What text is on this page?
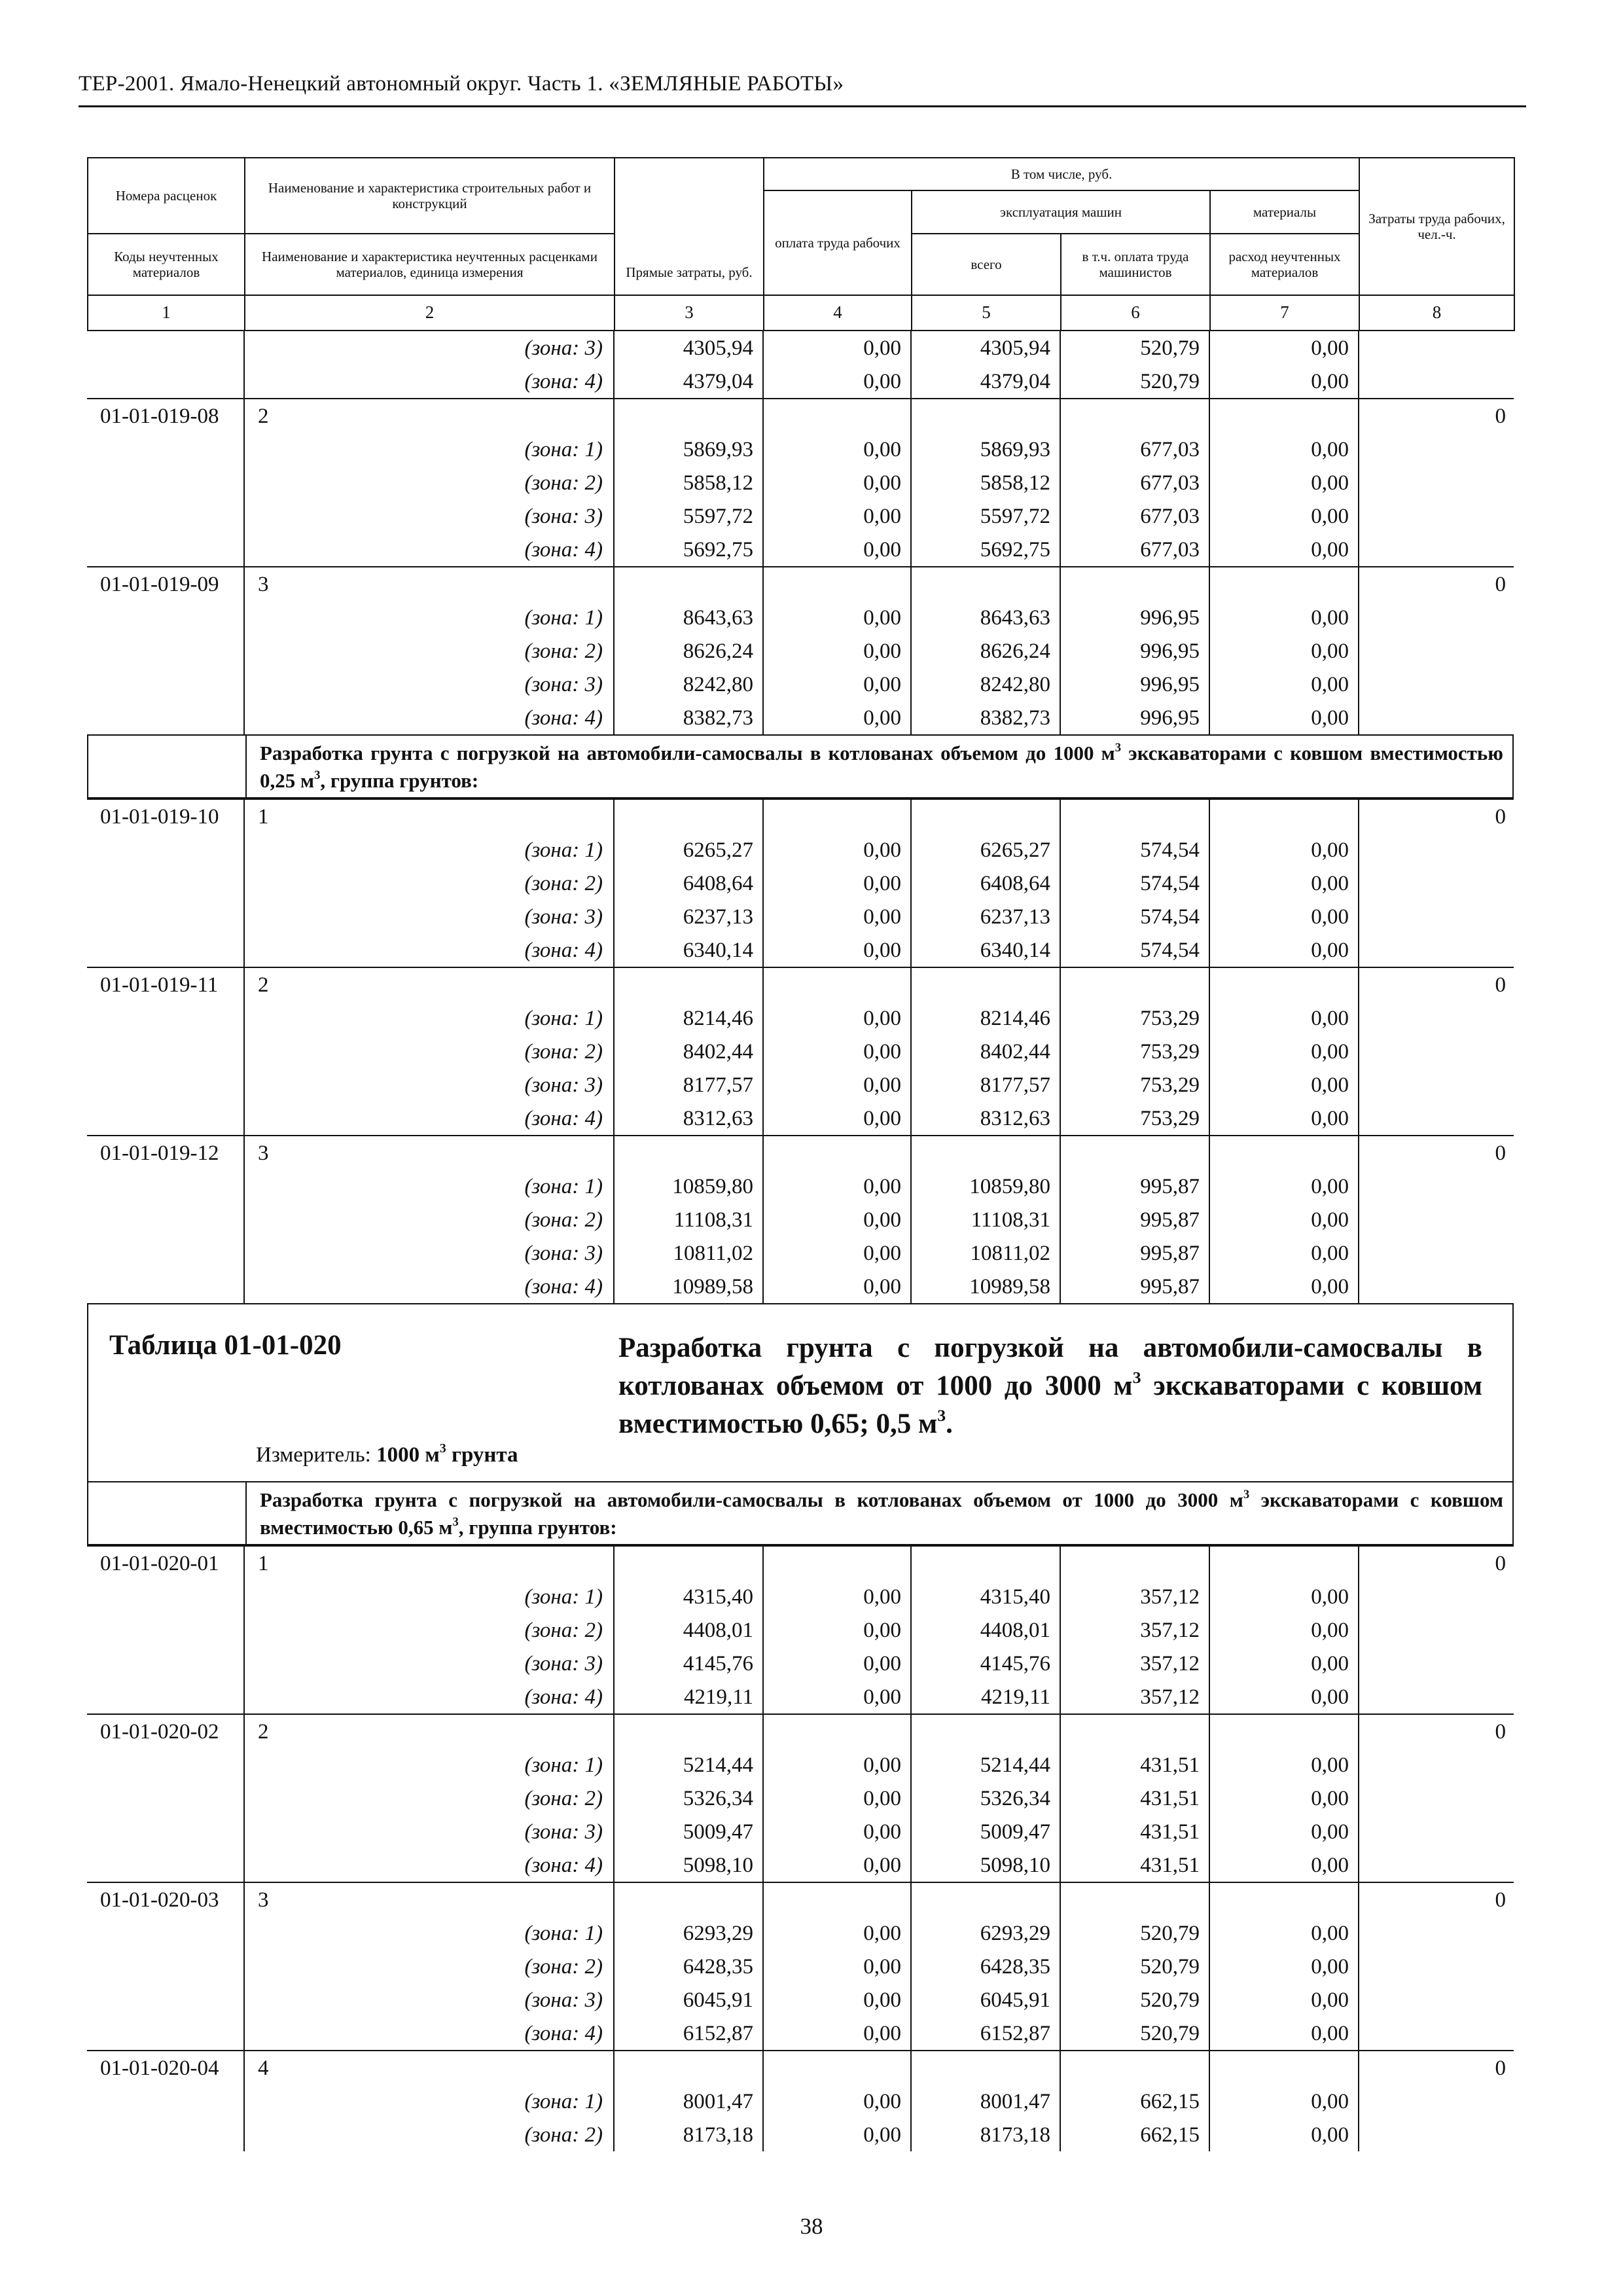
ТЕР-2001. Ямало-Ненецкий автономный округ. Часть 1. «ЗЕМЛЯНЫЕ РАБОТЫ»
Номера расценок	Наименование и характеристика строительных работ и конструкций	Прямые затраты, руб.	В том числе, руб.				Затраты труда рабочих, чел.-ч.
			оплата труда рабочих	эксплуатация машин		материалы	
Коды неучтенных материалов	Наименование и характеристика неучтенных расценками материалов, единица измерения			всего	в т.ч. оплата труда машинистов	расход неучтенных материалов	
1	2	3	4	5	6	7	8
	(зона: 3)	4305,94	0,00	4305,94	520,79	0,00	
	(зона: 4)	4379,04	0,00	4379,04	520,79	0,00	
01-01-019-08	2						0
	(зона: 1)	5869,93	0,00	5869,93	677,03	0,00	
	(зона: 2)	5858,12	0,00	5858,12	677,03	0,00	
	(зона: 3)	5597,72	0,00	5597,72	677,03	0,00	
	(зона: 4)	5692,75	0,00	5692,75	677,03	0,00	
01-01-019-09	3						0
	(зона: 1)	8643,63	0,00	8643,63	996,95	0,00	
	(зона: 2)	8626,24	0,00	8626,24	996,95	0,00	
	(зона: 3)	8242,80	0,00	8242,80	996,95	0,00	
	(зона: 4)	8382,73	0,00	8382,73	996,95	0,00	
	Разработка грунта с погрузкой на автомобили-самосвалы в котлованах объемом до 1000 $м^3$ экскаваторами с ковшом вместимостью 0,25 $м^3$, группа грунтов:
01-01-019-10	1						0
	(зона: 1)	6265,27	0,00	6265,27	574,54	0,00	
	(зона: 2)	6408,64	0,00	6408,64	574,54	0,00	
	(зона: 3)	6237,13	0,00	6237,13	574,54	0,00	
	(зона: 4)	6340,14	0,00	6340,14	574,54	0,00	
01-01-019-11	2						0
	(зона: 1)	8214,46	0,00	8214,46	753,29	0,00	
	(зона: 2)	8402,44	0,00	8402,44	753,29	0,00	
	(зона: 3)	8177,57	0,00	8177,57	753,29	0,00	
	(зона: 4)	8312,63	0,00	8312,63	753,29	0,00	
01-01-019-12	3						0
	(зона: 1)	10859,80	0,00	10859,80	995,87	0,00	
	(зона: 2)	11108,31	0,00	11108,31	995,87	0,00	
	(зона: 3)	10811,02	0,00	10811,02	995,87	0,00	
	(зона: 4)	10989,58	0,00	10989,58	995,87	0,00	
Таблица 01-01-020	Разработка грунта с погрузкой на автомобили-самосвалы в котлованах объемом от 1000 до 3000 $м^3$ экскаваторами с ковшом вместимостью 0,65; 0,5 $м^3$.
Измеритель: 1000 $м^3$ грунта
	Разработка грунта с погрузкой на автомобили-самосвалы в котлованах объемом от 1000 до 3000 $м^3$ экскаваторами с ковшом вместимостью 0,65 $м^3$, группа грунтов:
01-01-020-01	1						0
	(зона: 1)	4315,40	0,00	4315,40	357,12	0,00	
	(зона: 2)	4408,01	0,00	4408,01	357,12	0,00	
	(зона: 3)	4145,76	0,00	4145,76	357,12	0,00	
	(зона: 4)	4219,11	0,00	4219,11	357,12	0,00	
01-01-020-02	2						0
	(зона: 1)	5214,44	0,00	5214,44	431,51	0,00	
	(зона: 2)	5326,34	0,00	5326,34	431,51	0,00	
	(зона: 3)	5009,47	0,00	5009,47	431,51	0,00	
	(зона: 4)	5098,10	0,00	5098,10	431,51	0,00	
01-01-020-03	3						0
	(зона: 1)	6293,29	0,00	6293,29	520,79	0,00	
	(зона: 2)	6428,35	0,00	6428,35	520,79	0,00	
	(зона: 3)	6045,91	0,00	6045,91	520,79	0,00	
	(зона: 4)	6152,87	0,00	6152,87	520,79	0,00	
01-01-020-04	4						0
	(зона: 1)	8001,47	0,00	8001,47	662,15	0,00	
	(зона: 2)	8173,18	0,00	8173,18	662,15	0,00	
38
